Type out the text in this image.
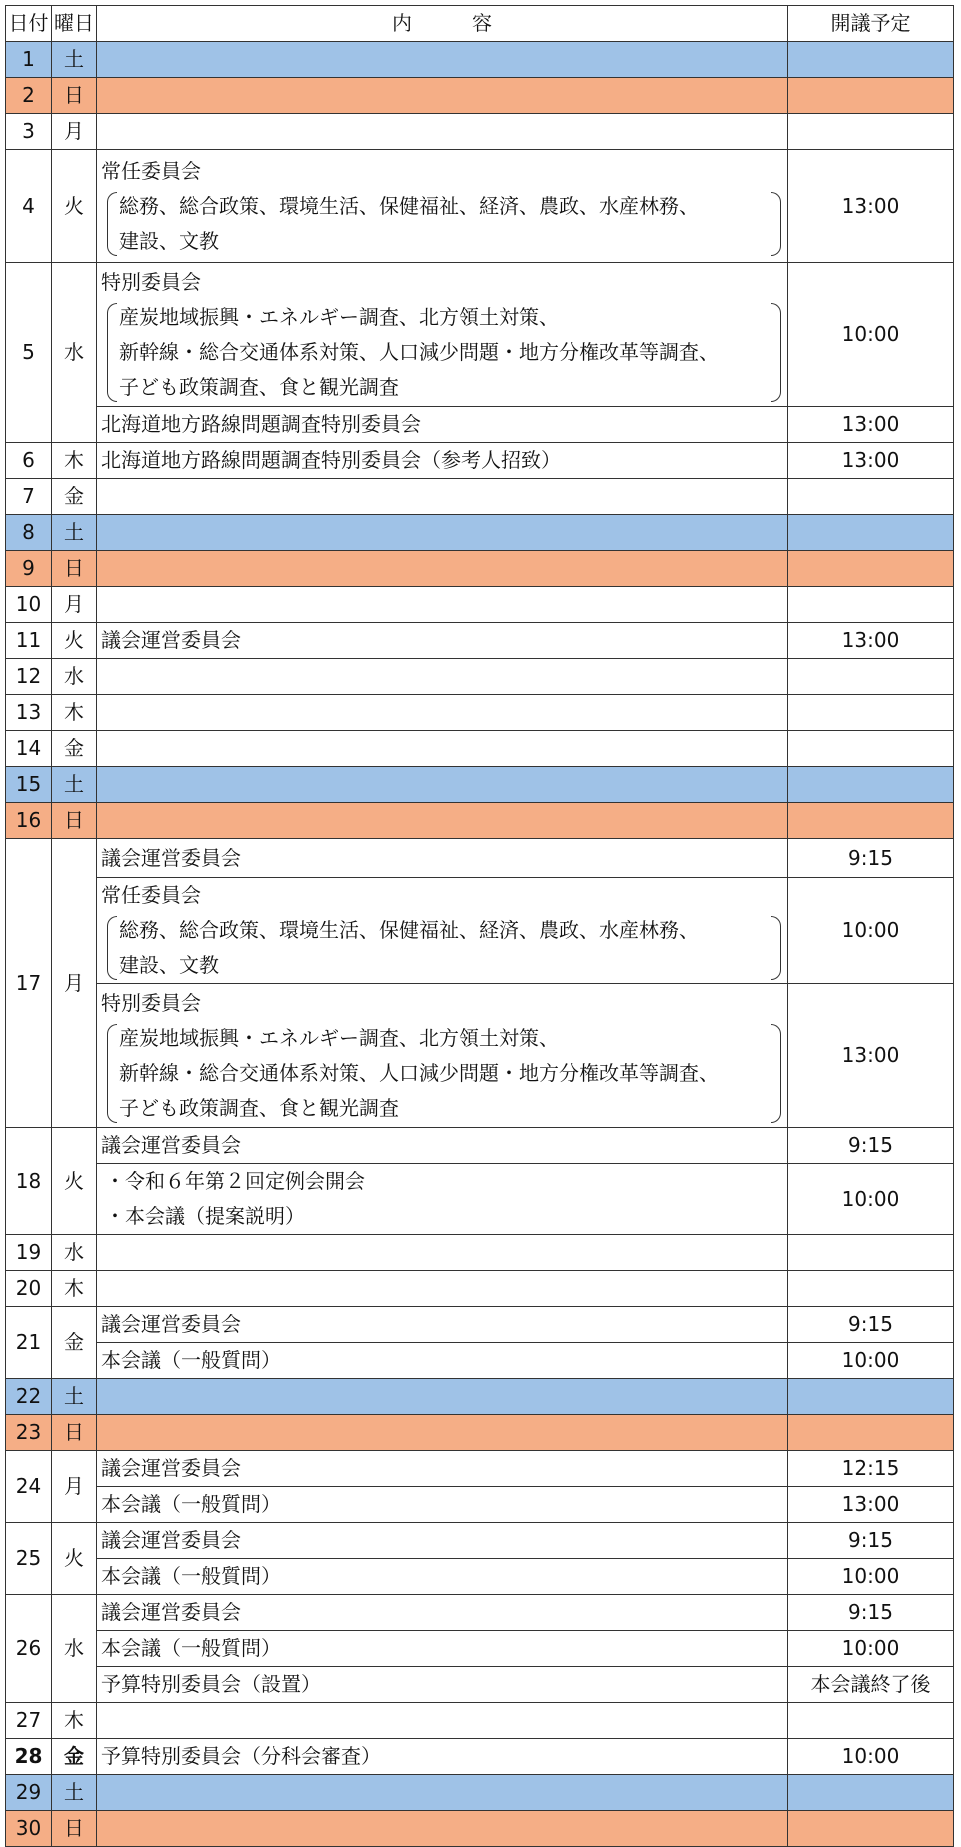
日付	曜日	内　　　容	開議予定
1	土		
2	日		
3	月		
4	火	常任委員会
総務、総合政策、環境生活、保健福祉、経済、農政、水産林務、
建設、文教	13:00
5	水	特別委員会
産炭地域振興・エネルギー調査、北方領土対策、
新幹線・総合交通体系対策、人口減少問題・地方分権改革等調査、
子ども政策調査、食と観光調査	10:00
		北海道地方路線問題調査特別委員会	13:00
6	木	北海道地方路線問題調査特別委員会（参考人招致）	13:00
7	金		
8	土		
9	日		
10	月		
11	火	議会運営委員会	13:00
12	水		
13	木		
14	金		
15	土		
16	日		
17	月	議会運営委員会	9:15

		常任委員会
総務、総合政策、環境生活、保健福祉、経済、農政、水産林務、
建設、文教	10:00

		特別委員会
産炭地域振興・エネルギー調査、北方領土対策、
新幹線・総合交通体系対策、人口減少問題・地方分権改革等調査、
子ども政策調査、食と観光調査	13:00
18	火	議会運営委員会	9:15

		・令和６年第２回定例会開会
・本会議（提案説明）	10:00
19	水		
20	木		
21	金	議会運営委員会	9:15
		本会議（一般質問）	10:00
22	土		
23	日		
24	月	議会運営委員会	12:15
		本会議（一般質問）	13:00
25	火	議会運営委員会	9:15
		本会議（一般質問）	10:00
26	水	議会運営委員会	9:15
		本会議（一般質問）	10:00
		予算特別委員会（設置）	本会議終了後
27	木		
28	金	予算特別委員会（分科会審査）	10:00
29	土		
30	日		
